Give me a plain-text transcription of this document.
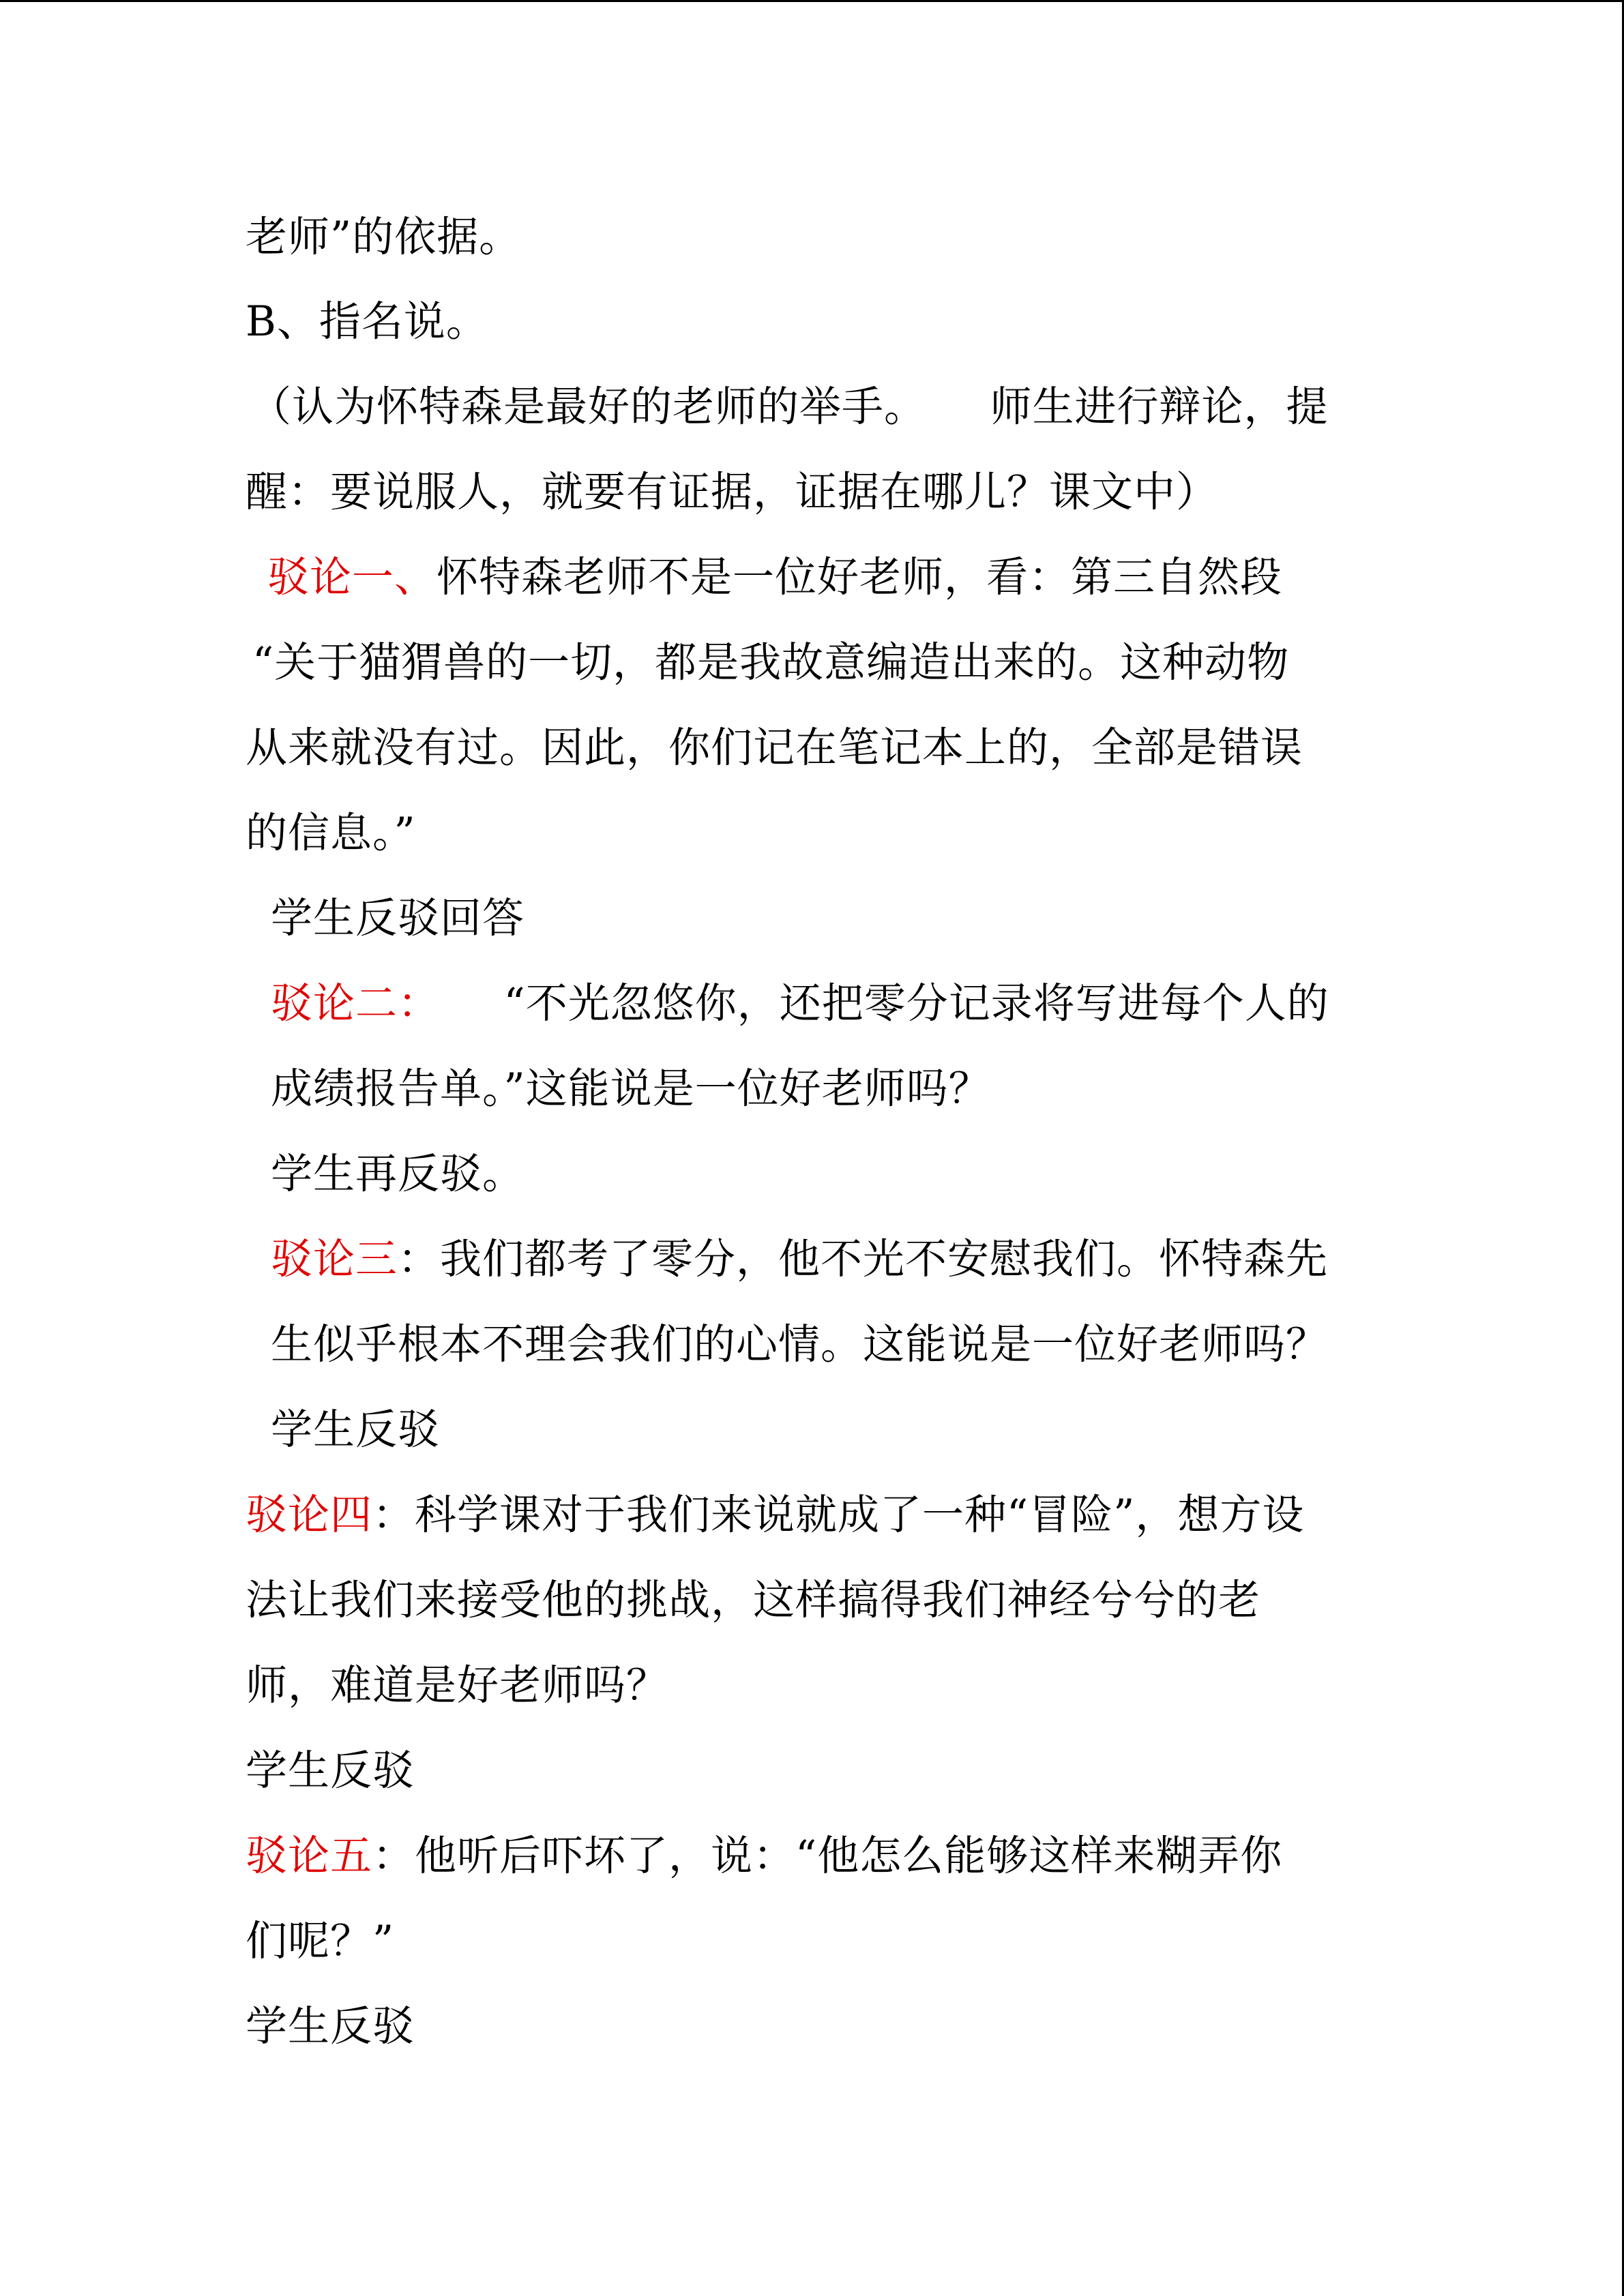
老师”的依据。
B、指名说。
（认为怀特森是最好的老师的举手。　　师生进行辩论，提
醒：要说服人，就要有证据，证据在哪儿？课文中）
驳论一、怀特森老师不是一位好老师，看：第三自然段
“关于猫猬兽的一切，都是我故意编造出来的。这种动物
从来就没有过。因此，你们记在笔记本上的，全部是错误
的信息。”
学生反驳回答
驳论二：　　“不光忽悠你，还把零分记录将写进每个人的
成绩报告单。”这能说是一位好老师吗？
学生再反驳。
驳论三：我们都考了零分，他不光不安慰我们。怀特森先
生似乎根本不理会我们的心情。这能说是一位好老师吗？
学生反驳
驳论四：科学课对于我们来说就成了一种“冒险”，想方设
法让我们来接受他的挑战，这样搞得我们神经兮兮的老
师，难道是好老师吗？
学生反驳
驳论五：他听后吓坏了，说：“他怎么能够这样来糊弄你
们呢？”
学生反驳
